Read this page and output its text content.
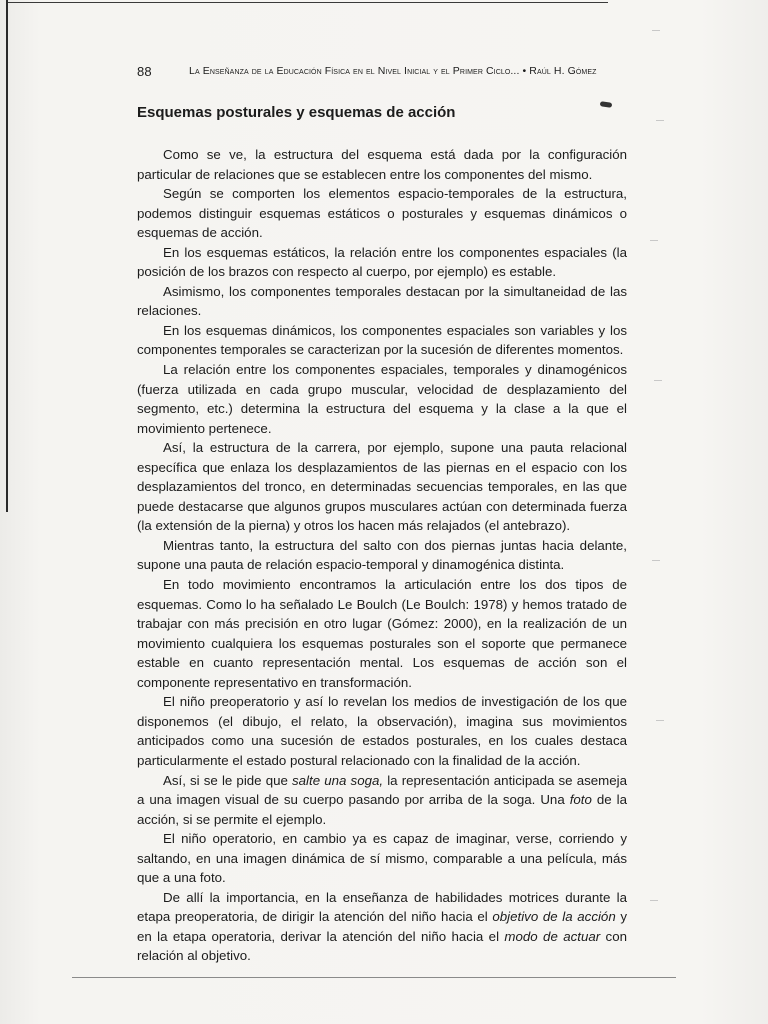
88	La Enseñanza de la Educación Física en el Nivel Inicial y el Primer Ciclo... • Raúl H. Gómez
Esquemas posturales y esquemas de acción

Como se ve, la estructura del esquema está dada por la configuración particular de relaciones que se establecen entre los componentes del mismo.

Según se comporten los elementos espacio-temporales de la estructura, podemos distinguir esquemas estáticos o posturales y esquemas dinámicos o esquemas de acción.

En los esquemas estáticos, la relación entre los componentes espaciales (la posición de los brazos con respecto al cuerpo, por ejemplo) es estable.

Asimismo, los componentes temporales destacan por la simultaneidad de las relaciones.

En los esquemas dinámicos, los componentes espaciales son variables y los componentes temporales se caracterizan por la sucesión de diferentes momentos.

La relación entre los componentes espaciales, temporales y dinamogénicos (fuerza utilizada en cada grupo muscular, velocidad de desplazamiento del segmento, etc.) determina la estructura del esquema y la clase a la que el movimiento pertenece.

Así, la estructura de la carrera, por ejemplo, supone una pauta relacional específica que enlaza los desplazamientos de las piernas en el espacio con los desplazamientos del tronco, en determinadas secuencias temporales, en las que puede destacarse que algunos grupos musculares actúan con determinada fuerza (la extensión de la pierna) y otros los hacen más relajados (el antebrazo).

Mientras tanto, la estructura del salto con dos piernas juntas hacia delante, supone una pauta de relación espacio-temporal y dinamogénica distinta.

En todo movimiento encontramos la articulación entre los dos tipos de esquemas. Como lo ha señalado Le Boulch (Le Boulch: 1978) y hemos tratado de trabajar con más precisión en otro lugar (Gómez: 2000), en la realización de un movimiento cualquiera los esquemas posturales son el soporte que permanece estable en cuanto representación mental. Los esquemas de acción son el componente representativo en transformación.

El niño preoperatorio y así lo revelan los medios de investigación de los que disponemos (el dibujo, el relato, la observación), imagina sus movimientos anticipados como una sucesión de estados posturales, en los cuales destaca particularmente el estado postural relacionado con la finalidad de la acción.

Así, si se le pide que salte una soga, la representación anticipada se asemeja a una imagen visual de su cuerpo pasando por arriba de la soga. Una foto de la acción, si se permite el ejemplo.

El niño operatorio, en cambio ya es capaz de imaginar, verse, corriendo y saltando, en una imagen dinámica de sí mismo, comparable a una película, más que a una foto.

De allí la importancia, en la enseñanza de habilidades motrices durante la etapa preoperatoria, de dirigir la atención del niño hacia el objetivo de la acción y en la etapa operatoria, derivar la atención del niño hacia el modo de actuar con relación al objetivo.
